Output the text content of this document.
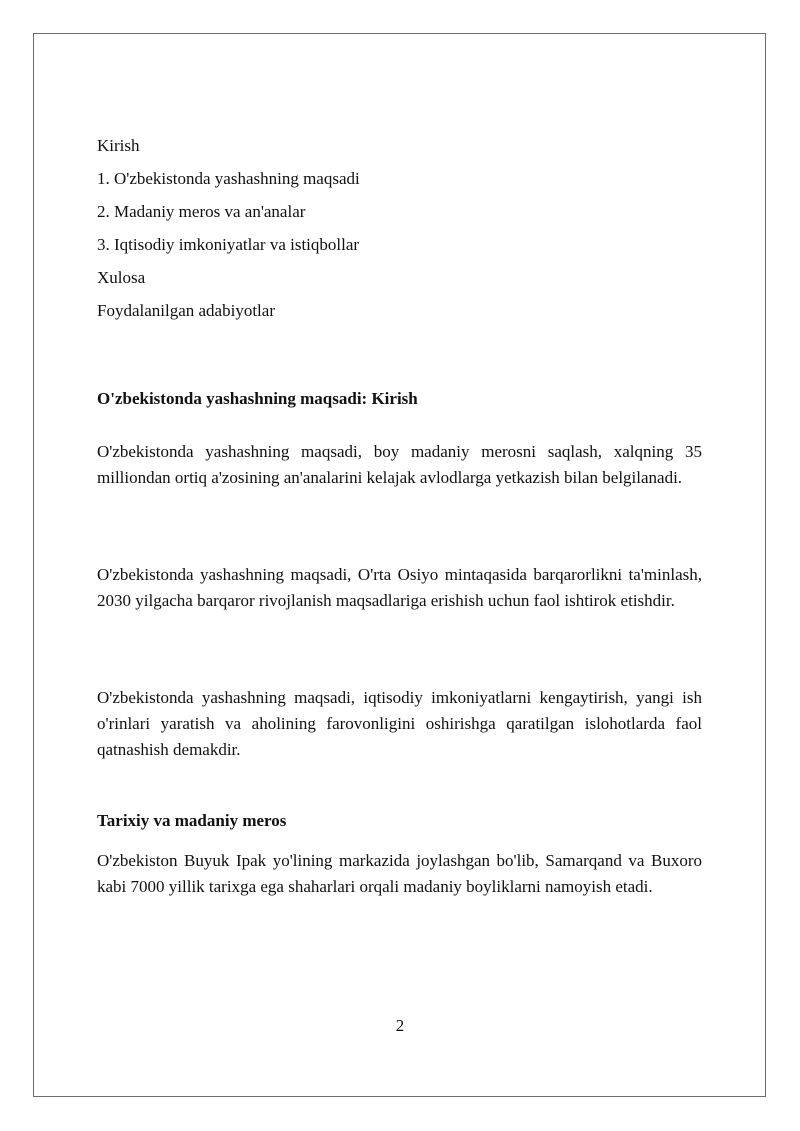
Kirish

1. O'zbekistonda yashashning maqsadi

2. Madaniy meros va an'analar

3. Iqtisodiy imkoniyatlar va istiqbollar

Xulosa

Foydalanilgan adabiyotlar

O'zbekistonda yashashning maqsadi: Kirish

O'zbekistonda yashashning maqsadi, boy madaniy merosni saqlash, xalqning 35 milliondan ortiq a'zosining an'analarini kelajak avlodlarga yetkazish bilan belgilanadi.

O'zbekistonda yashashning maqsadi, O'rta Osiyo mintaqasida barqarorlikni ta'minlash, 2030 yilgacha barqaror rivojlanish maqsadlariga erishish uchun faol ishtirok etishdir.

O'zbekistonda yashashning maqsadi, iqtisodiy imkoniyatlarni kengaytirish, yangi ish o'rinlari yaratish va aholining farovonligini oshirishga qaratilgan islohotlarda faol qatnashish demakdir.

Tarixiy va madaniy meros

O'zbekiston Buyuk Ipak yo'lining markazida joylashgan bo'lib, Samarqand va Buxoro kabi 7000 yillik tarixga ega shaharlari orqali madaniy boyliklarni namoyish etadi.

2
